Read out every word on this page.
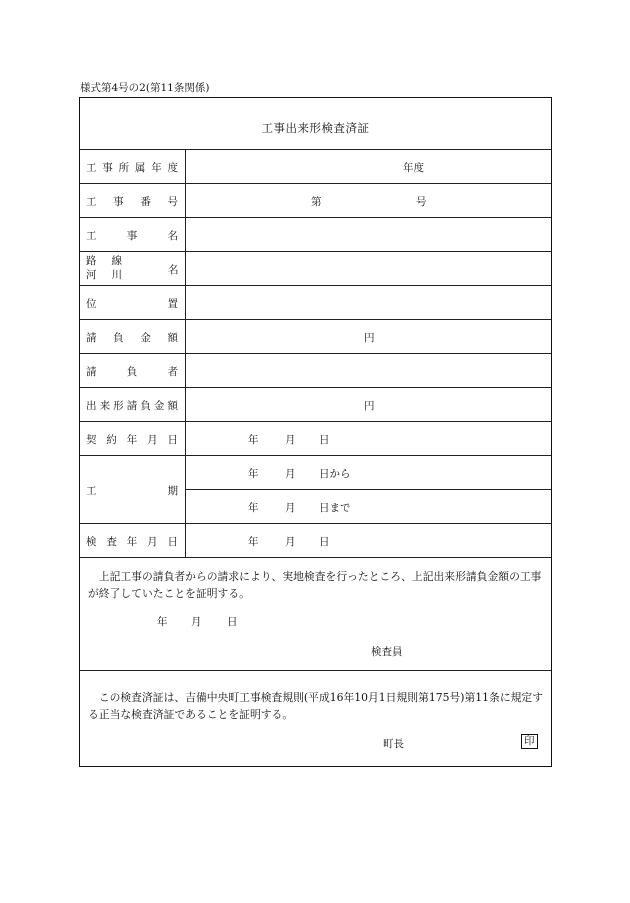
様式第4号の2(第11条関係)
工事出来形検査済証
工 事 所 属 年 度	年度
工 事 番 号	第	号
工	事	名
路 線
河 川	名
位	置
請 負 金 額	円
請	負	者
出 来 形 請 負 金 額	円
契 約 年 月 日	年	月 日
工	期
年	月 日から
年	月 日まで
検 査 年 月 日	年	月 日
上記工事の請負者からの請求により、実地検査を行ったところ、上記出来形請負金額の工事が終了していたことを証明する。
年 月 日
検査員
この検査済証は、吉備中央町工事検査規則(平成16年10月1日規則第175号)第11条に規定する正当な検査済証であることを証明する。
町長	印
